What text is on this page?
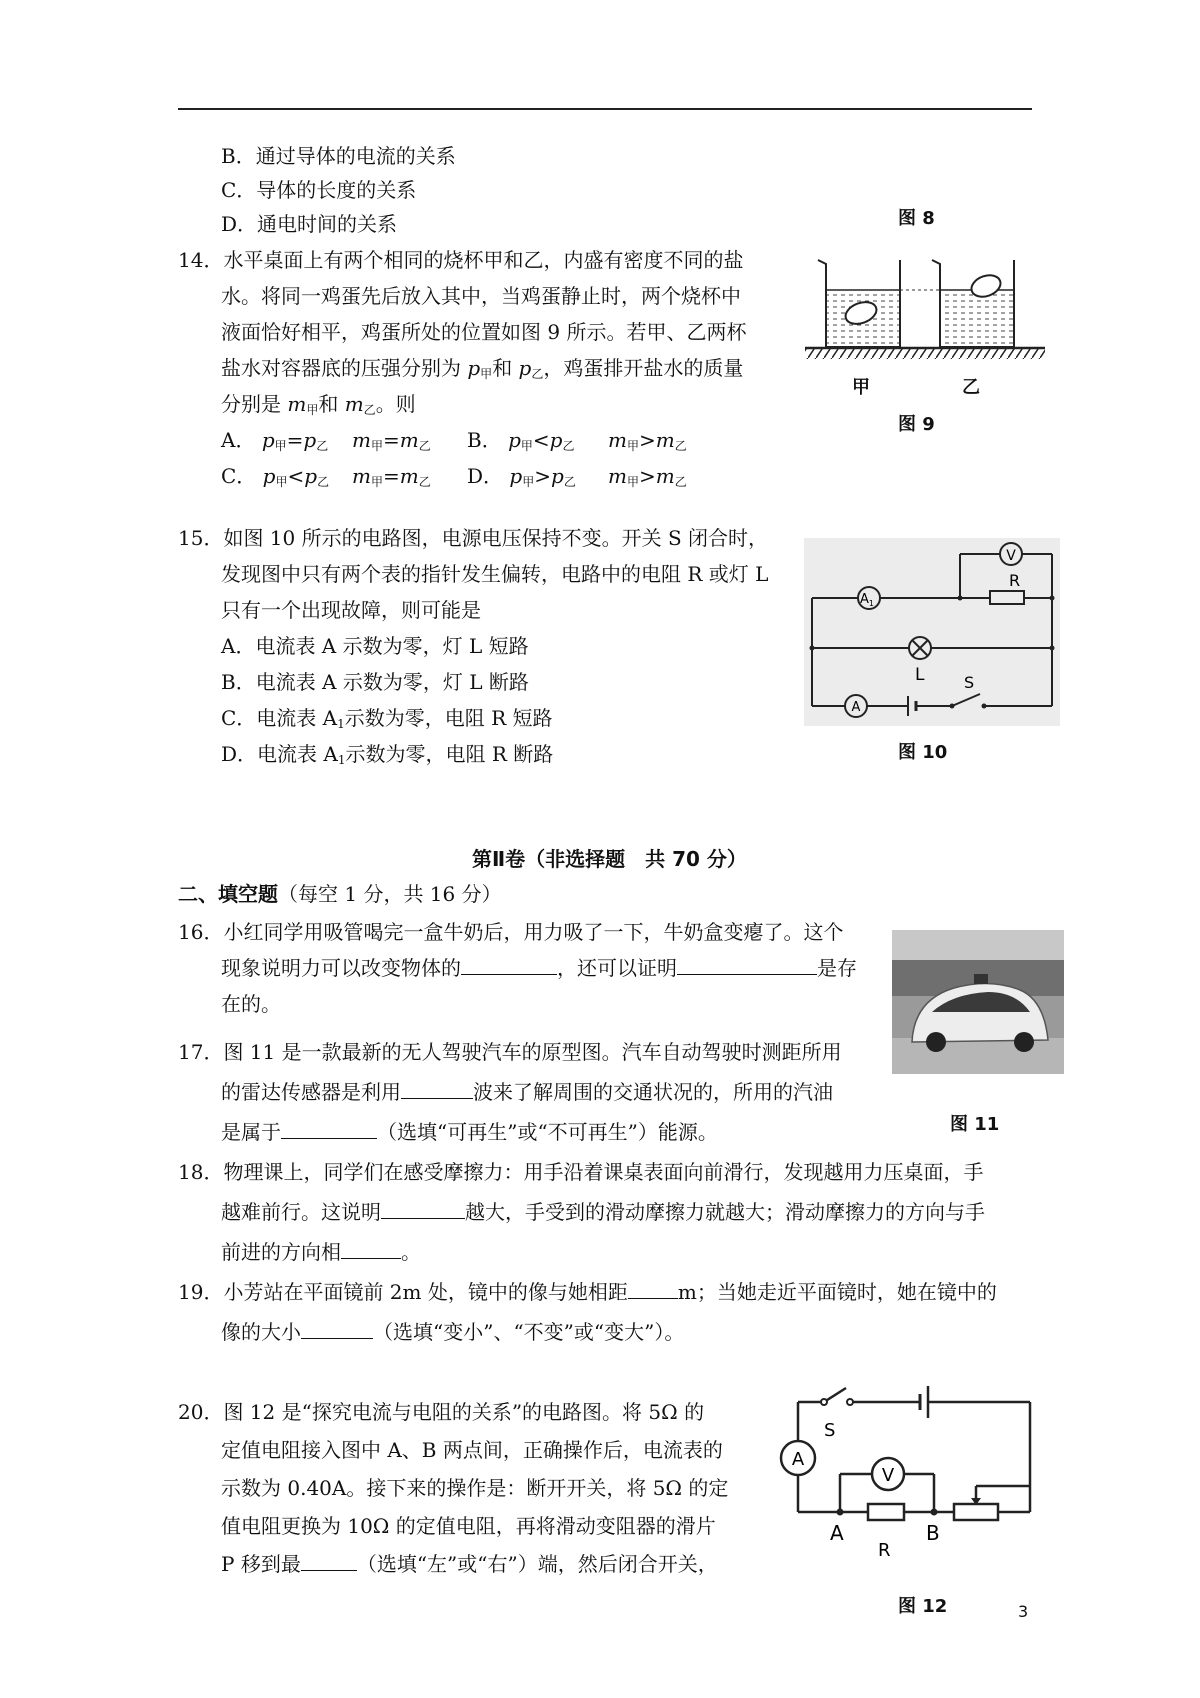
B．通过导体的电流的关系
C．导体的长度的关系
D．通电时间的关系	图 8
14．水平桌面上有两个相同的烧杯甲和乙，内盛有密度不同的盐
水。将同一鸡蛋先后放入其中，当鸡蛋静止时，两个烧杯中
液面恰好相平，鸡蛋所处的位置如图 9 所示。若甲、乙两杯
盐水对容器底的压强分别为 $p_甲$和 $p_乙$，鸡蛋排开盐水的质量
分别是 $m_甲$和 $m_乙$。则
A． $p_甲=p_乙$ $m_甲=m_乙$ B． $p_甲<p_乙$ $m_甲>m_乙$
C． $p_甲<p_乙$ $m_甲=m_乙$ D． $p_甲>p_乙$ $m_甲>m_乙$
甲	乙
图 9
15．如图 10 所示的电路图，电源电压保持不变。开关 S 闭合时，
发现图中只有两个表的指针发生偏转，电路中的电阻 R 或灯 L
只有一个出现故障，则可能是
A．电流表 A 示数为零，灯 L 短路
B．电流表 A 示数为零，灯 L 断路
C．电流表 $A_1$示数为零，电阻 R 短路
D．电流表 $A_1$示数为零，电阻 R 断路
V
R
$A_1$
L
A
S
图 10
第Ⅱ卷（非选择题　共 70 分）
二、填空题（每空 1 分，共 16 分）
16．小红同学用吸管喝完一盒牛奶后，用力吸了一下，牛奶盒变瘪了。这个
现象说明力可以改变物体的	，还可以证明	是存
在的。
图 11
17．图 11 是一款最新的无人驾驶汽车的原型图。汽车自动驾驶时测距所用
的雷达传感器是利用	波来了解周围的交通状况的，所用的汽油
是属于	（选填“可再生”或“不可再生”）能源。
18．物理课上，同学们在感受摩擦力：用手沿着课桌表面向前滑行，发现越用力压桌面，手
越难前行。这说明	越大，手受到的滑动摩擦力就越大；滑动摩擦力的方向与手
前进的方向相	。
19．小芳站在平面镜前 2m 处，镜中的像与她相距	m；当她走近平面镜时，她在镜中的
像的大小	（选填“变小”、“不变”或“变大”）。
20．图 12 是“探究电流与电阻的关系”的电路图。将 5Ω 的
定值电阻接入图中 A、B 两点间，正确操作后，电流表的
示数为 0.40A。接下来的操作是：断开开关，将 5Ω 的定
值电阻更换为 10Ω 的定值电阻，再将滑动变阻器的滑片
P 移到最	（选填“左”或“右”）端，然后闭合开关，
S
A
V
A	B
R
图 12	3
